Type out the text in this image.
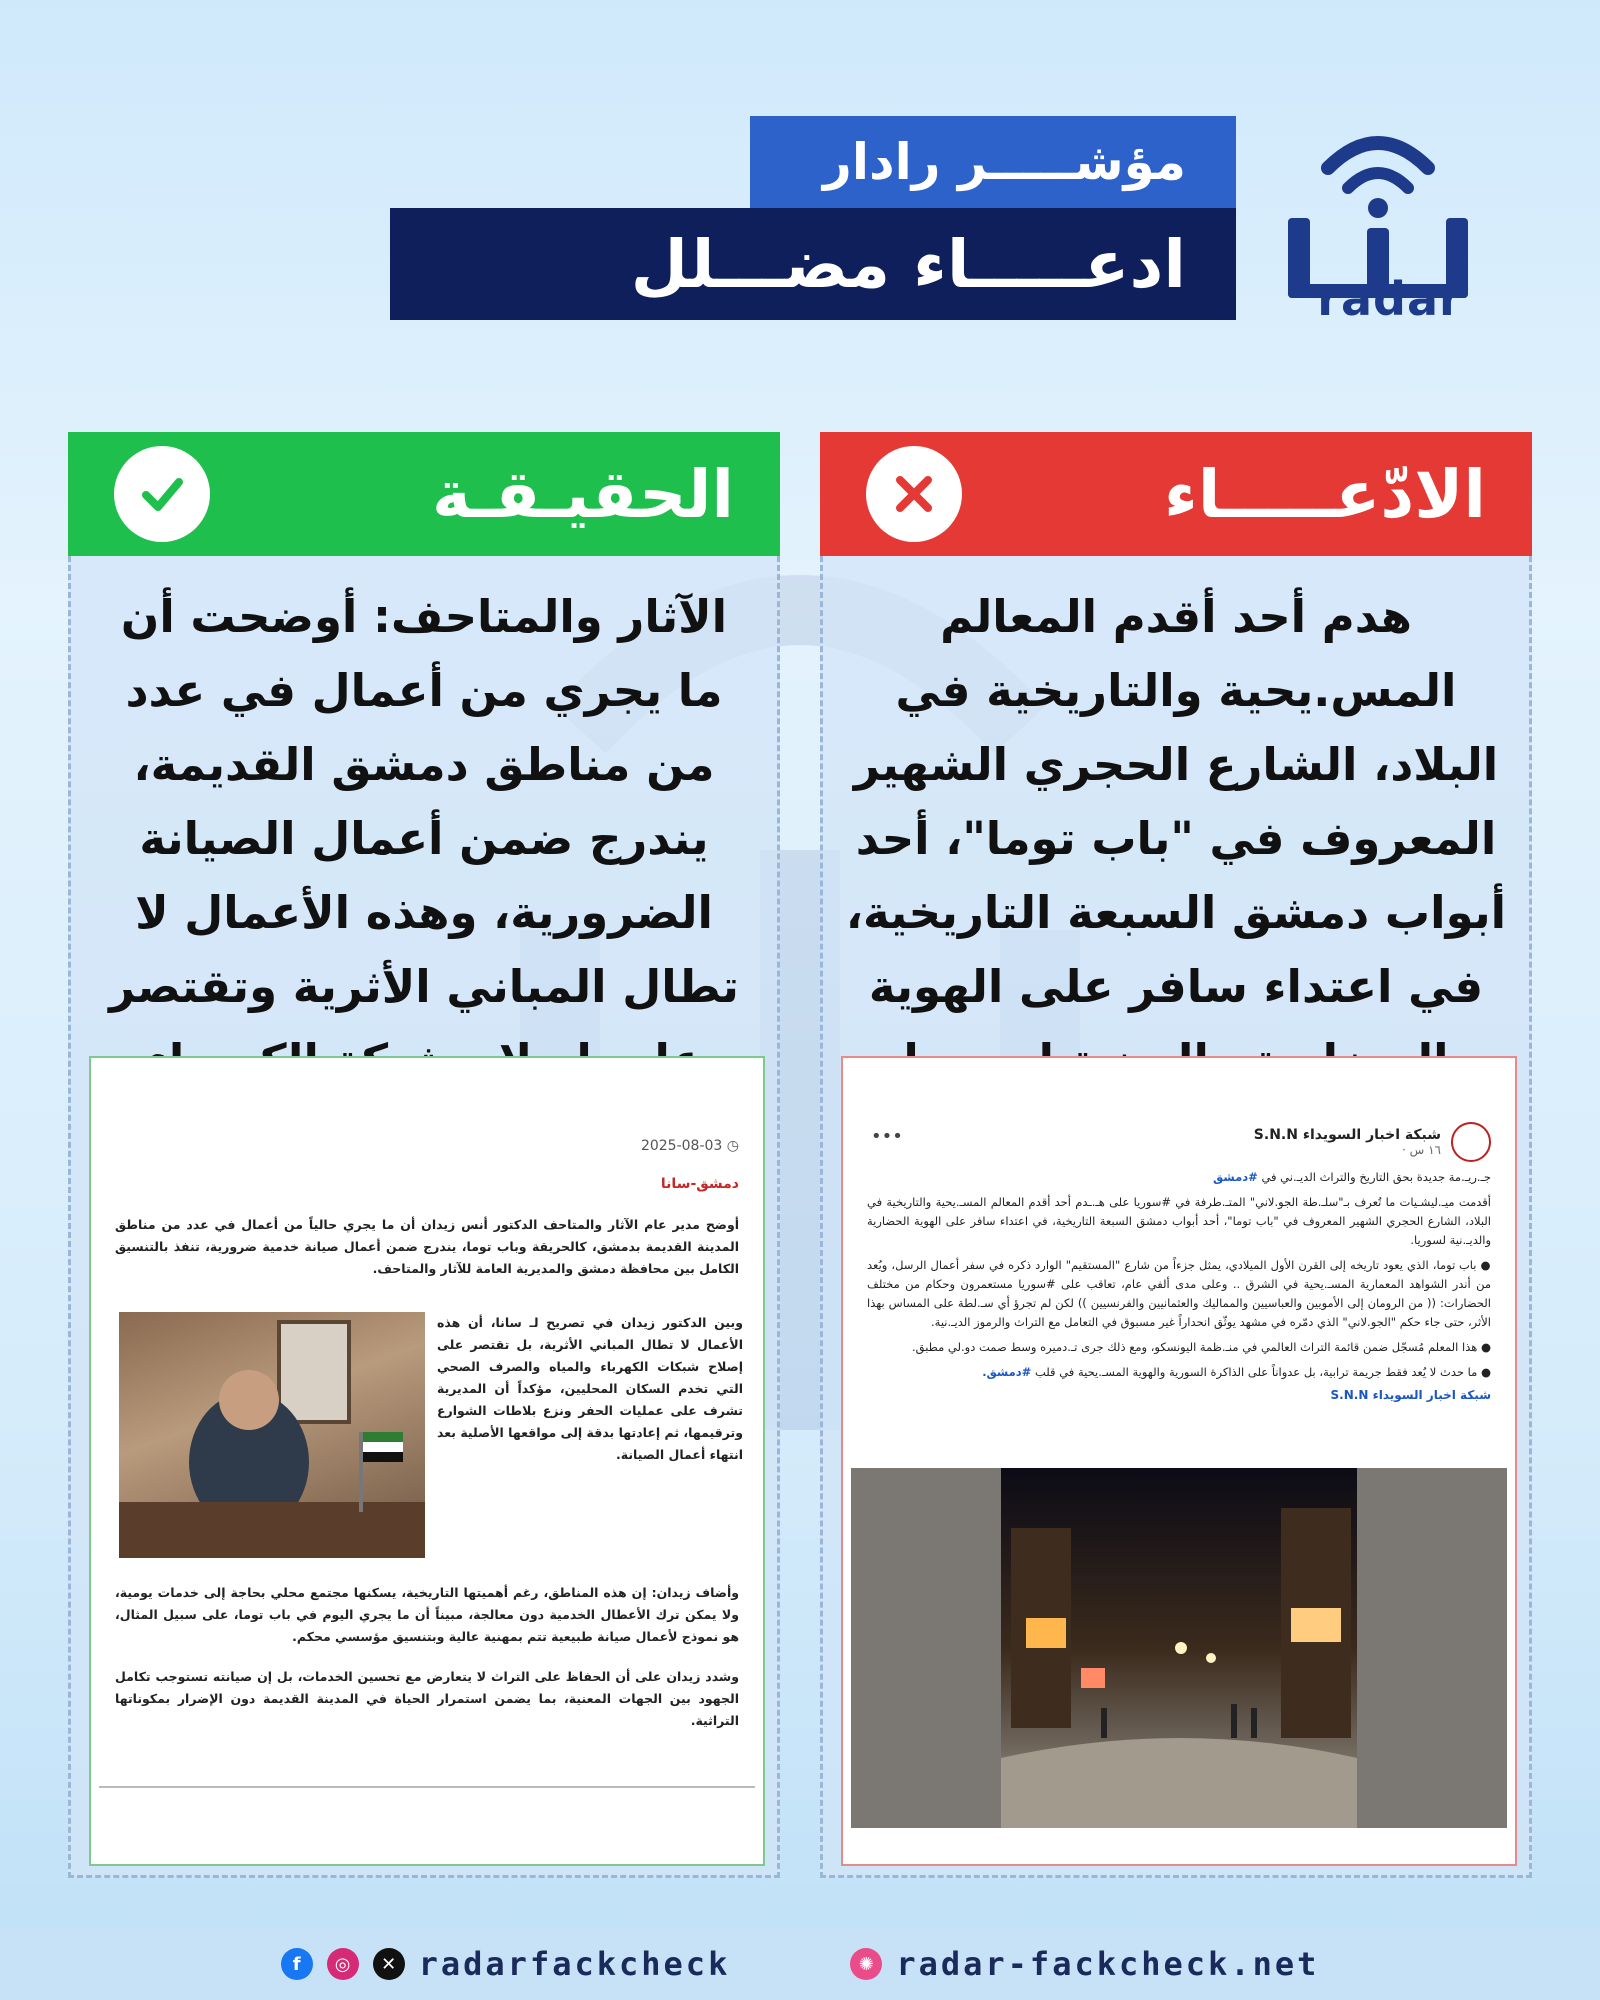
مؤشـــــر رادار
ادعـــــاء مضـــلل	radar
الحقيـقـة
الآثار والمتاحف: أوضحت أن ما يجري من أعمال في عدد من مناطق دمشق القديمة، يندرج ضمن أعمال الصيانة الضرورية، وهذه الأعمال لا تطال المباني الأثرية وتقتصر
◷ 2025-08-03
دمشق-سانا
أوضح مدير عام الآثار والمتاحف الدكتور أنس زيدان أن ما يجري حالياً من أعمال في عدد من مناطق المدينة القديمة بدمشق، كالحريقة وباب توما، يندرج ضمن أعمال صيانة خدمية ضرورية، تنفذ بالتنسيق الكامل بين محافظة دمشق والمديرية العامة للآثار والمتاحف.
وبين الدكتور زيدان في تصريح لـ سانا، أن هذه الأعمال لا تطال المباني الأثرية، بل تقتصر على إصلاح شبكات الكهرباء والمياه والصرف الصحي التي تخدم السكان المحليين، مؤكداً أن المديرية تشرف على عمليات الحفر ونزع بلاطات الشوارع وترقيمها، ثم إعادتها بدقة إلى مواقعها الأصلية بعد انتهاء أعمال الصيانة.

وأضاف زيدان: إن هذه المناطق، رغم أهميتها التاريخية، يسكنها مجتمع محلي بحاجة إلى خدمات يومية، ولا يمكن ترك الأعطال الخدمية دون معالجة، مبيناً أن ما يجري اليوم في باب توما، على سبيل المثال، هو نموذج لأعمال صيانة طبيعية تتم بمهنية عالية وبتنسيق مؤسسي محكم.

وشدد زيدان على أن الحفاظ على التراث لا يتعارض مع تحسين الخدمات، بل إن صيانته تستوجب تكامل الجهود بين الجهات المعنية، بما يضمن استمرار الحياة في المدينة القديمة دون الإضرار بمكوناتها التراثية.

الادّعـــــاء
هدم أحد أقدم المعالم المس.يحية والتاريخية في البلاد، الشارع الحجري الشهير المعروف في "باب توما"، أحد أبواب دمشق السبعة التاريخية، في اعتداء سافر على الهوية
شبكة اخبار السويداء S.N.N
١٦ س ·
•••
جـ.ريـ.مة جديدة بحق التاريخ والتراث الديـ.ني في #دمشق
أقدمت ميـ.ليشـيات ما تُعرف بـ"سلـ.طة الجو.لاني" المتـ.طرفة في #سوريا على هـ.ـدم أحد أقدم المعالم المسـ.يحية والتاريخية في البلاد، الشارع الحجري الشهير المعروف في "باب توما"، أحد أبواب دمشق السبعة التاريخية، في اعتداء سافر على الهوية الحضارية والديـ.نية لسوريا.
● باب توما، الذي يعود تاريخه إلى القرن الأول الميلادي، يمثل جزءاً من شارع "المستقيم" الوارد ذكره في سفر أعمال الرسل، ويُعد من أندر الشواهد المعمارية المسـ.يحية في الشرق .. وعلى مدى ألفي عام، تعاقب على #سوريا مستعمرون وحكام من مختلف الحضارات: (( من الرومان إلى الأمويين والعباسيين والمماليك والعثمانيين والفرنسيين )) لكن لم تجرؤ أي سـ.لطة على المساس بهذا الأثر، حتى جاء حكم "الجو.لاني" الذي دمّره في مشهد يوثّق انحداراً غير مسبوق في التعامل مع التراث والرموز الديـ.نية.
● هذا المعلم مُسجّل ضمن قائمة التراث العالمي في منـ.ظمة اليونسكو، ومع ذلك جرى تـ.دميره وسط صمت دو.لي مطبق.
● ما حدث لا يُعد فقط جريمة ترابية، بل عدواناً على الذاكرة السورية والهوية المسـ.يحية في قلب #دمشق.
شبكة اخبار السويداء S.N.N
f	◎	✕ radarfackcheck	✺ radar-fackcheck.net
